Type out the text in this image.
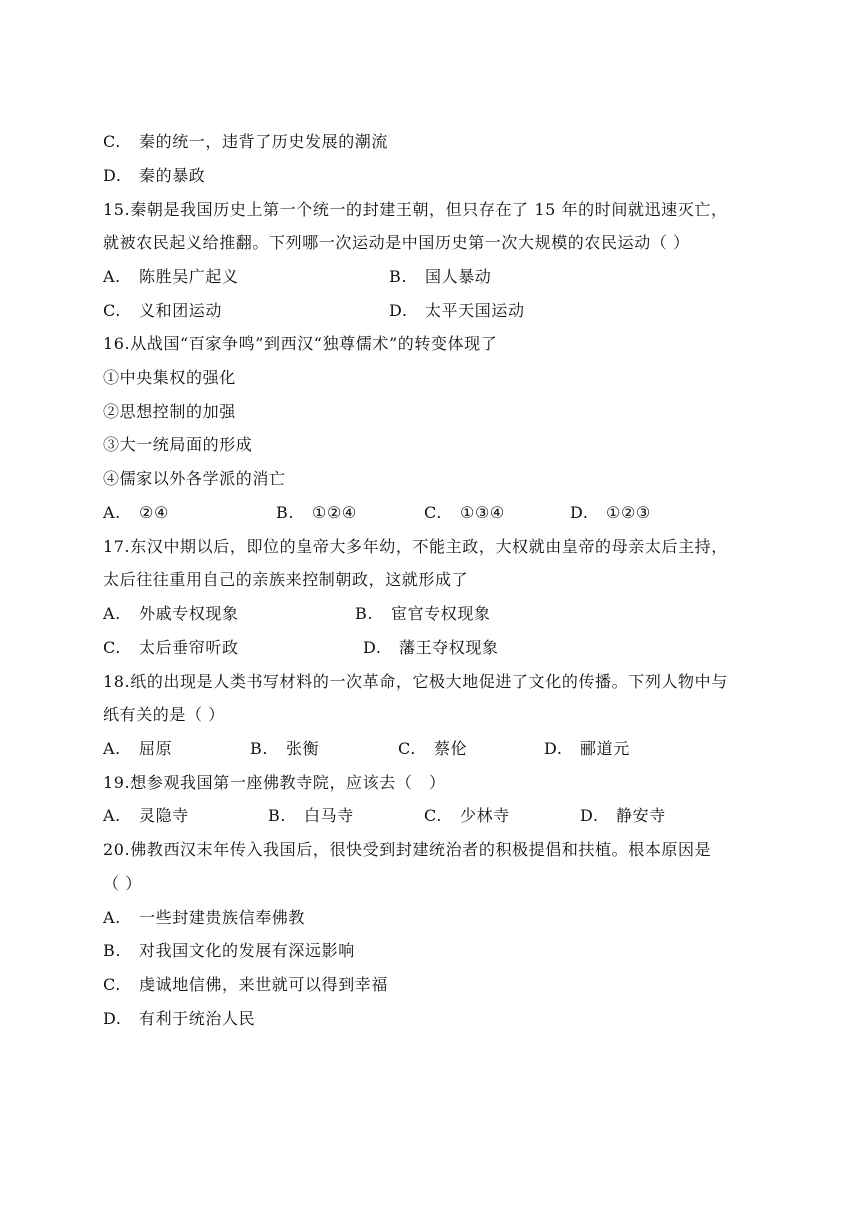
C. 秦的统一，违背了历史发展的潮流
D. 秦的暴政
15.秦朝是我国历史上第一个统一的封建王朝，但只存在了 15 年的时间就迅速灭亡，
就被农民起义给推翻。下列哪一次运动是中国历史第一次大规模的农民运动（ ）
A. 陈胜吴广起义	B. 国人暴动
C. 义和团运动	D. 太平天国运动
16.从战国“百家争鸣”到西汉“独尊儒术”的转变体现了
①中央集权的强化
②思想控制的加强
③大一统局面的形成
④儒家以外各学派的消亡
A. ②④	B. ①②④	C. ①③④	D. ①②③
17.东汉中期以后，即位的皇帝大多年幼，不能主政，大权就由皇帝的母亲太后主持，
太后往往重用自己的亲族来控制朝政，这就形成了
A. 外戚专权现象	B. 宦官专权现象
C. 太后垂帘听政	D. 藩王夺权现象
18.纸的出现是人类书写材料的一次革命，它极大地促进了文化的传播。下列人物中与
纸有关的是（ ）
A. 屈原	B. 张衡	C. 蔡伦	D. 郦道元
19.想参观我国第一座佛教寺院，应该去（　）
A. 灵隐寺	B. 白马寺	C. 少林寺	D. 静安寺
20.佛教西汉末年传入我国后，很快受到封建统治者的积极提倡和扶植。根本原因是
（ ）
A. 一些封建贵族信奉佛教
B. 对我国文化的发展有深远影响
C. 虔诚地信佛，来世就可以得到幸福
D. 有利于统治人民
